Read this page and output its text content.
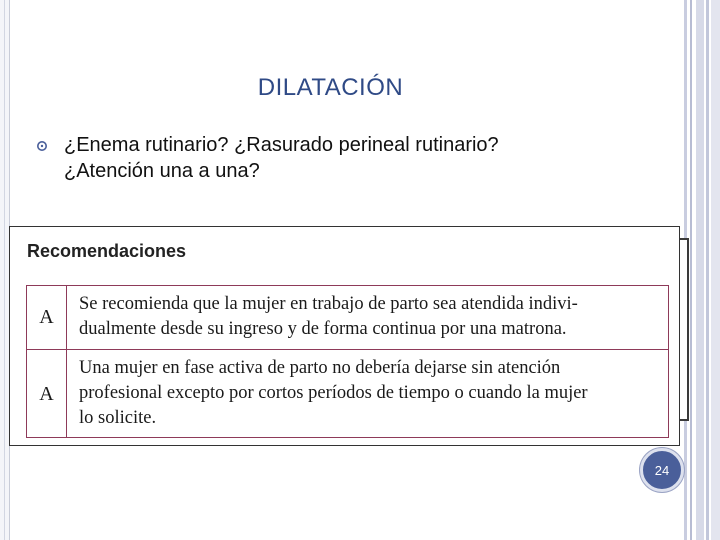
DILATACIÓN
¿Enema rutinario? ¿Rasurado perineal rutinario?
¿Atención una a una?
Recomendaciones
A
Se recomienda que la mujer en trabajo de parto sea atendida indivi-
dualmente desde su ingreso y de forma continua por una matrona.
A
Una mujer en fase activa de parto no debería dejarse sin atención
profesional excepto por cortos períodos de tiempo o cuando la mujer
lo solicite.
24
